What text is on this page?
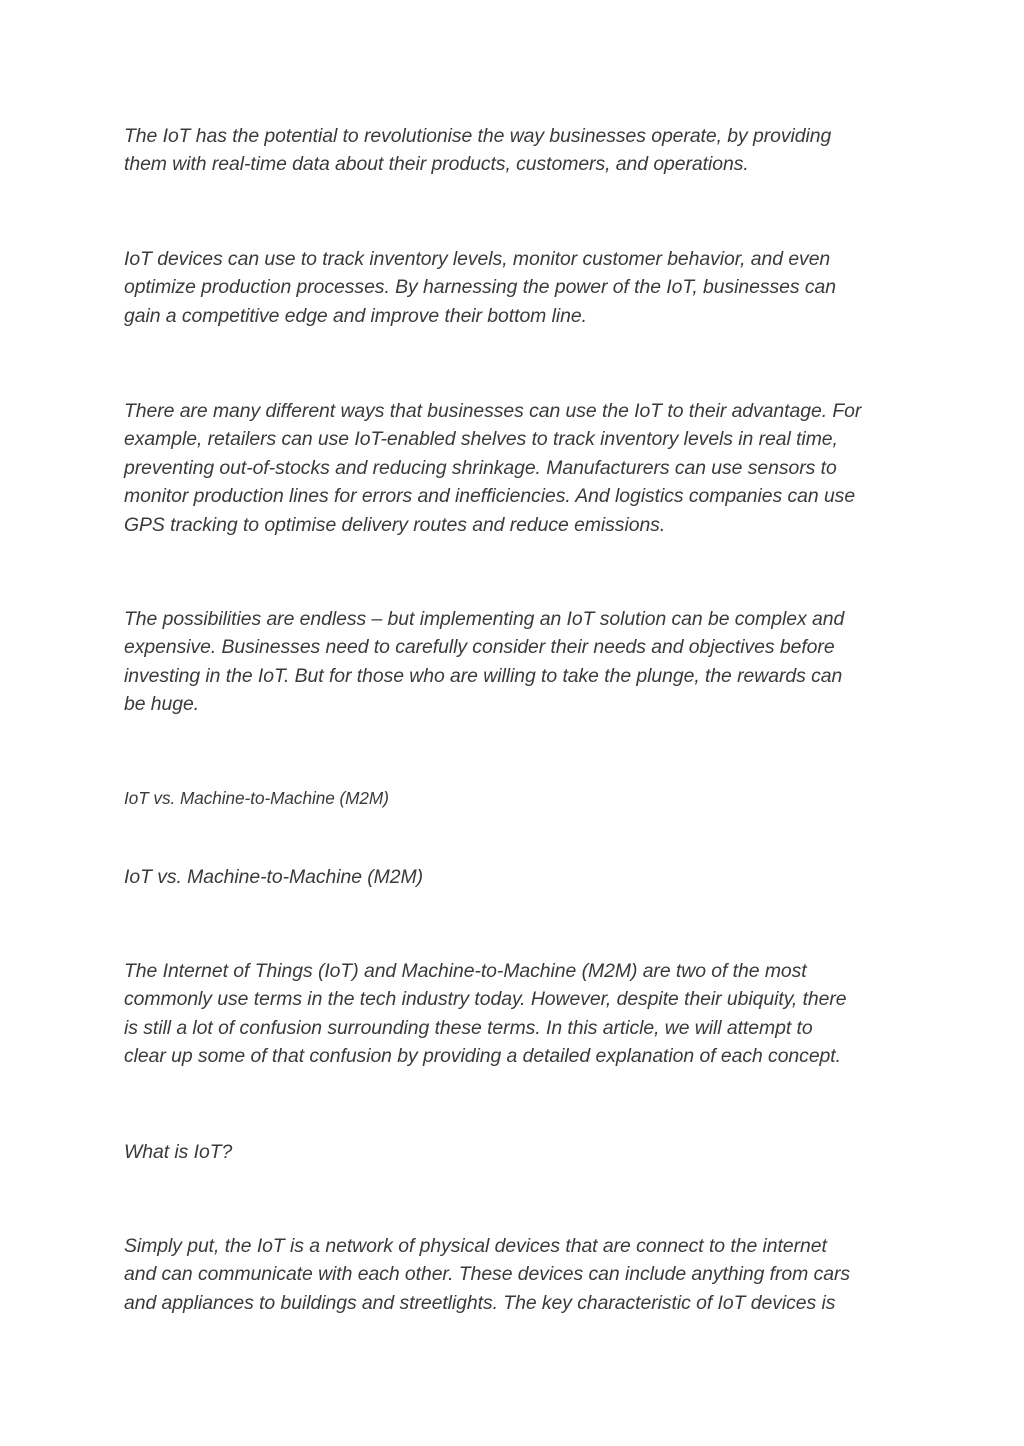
The IoT has the potential to revolutionise the way businesses operate, by providing
them with real-time data about their products, customers, and operations.

IoT devices can use to track inventory levels, monitor customer behavior, and even
optimize production processes. By harnessing the power of the IoT, businesses can
gain a competitive edge and improve their bottom line.

There are many different ways that businesses can use the IoT to their advantage. For
example, retailers can use IoT-enabled shelves to track inventory levels in real time,
preventing out-of-stocks and reducing shrinkage. Manufacturers can use sensors to
monitor production lines for errors and inefficiencies. And logistics companies can use
GPS tracking to optimise delivery routes and reduce emissions.

The possibilities are endless – but implementing an IoT solution can be complex and
expensive. Businesses need to carefully consider their needs and objectives before
investing in the IoT. But for those who are willing to take the plunge, the rewards can
be huge.

IoT vs. Machine-to-Machine (M2M)

IoT vs. Machine-to-Machine (M2M)

The Internet of Things (IoT) and Machine-to-Machine (M2M) are two of the most
commonly use terms in the tech industry today. However, despite their ubiquity, there
is still a lot of confusion surrounding these terms. In this article, we will attempt to
clear up some of that confusion by providing a detailed explanation of each concept.

What is IoT?

Simply put, the IoT is a network of physical devices that are connect to the internet
and can communicate with each other. These devices can include anything from cars
and appliances to buildings and streetlights. The key characteristic of IoT devices is
